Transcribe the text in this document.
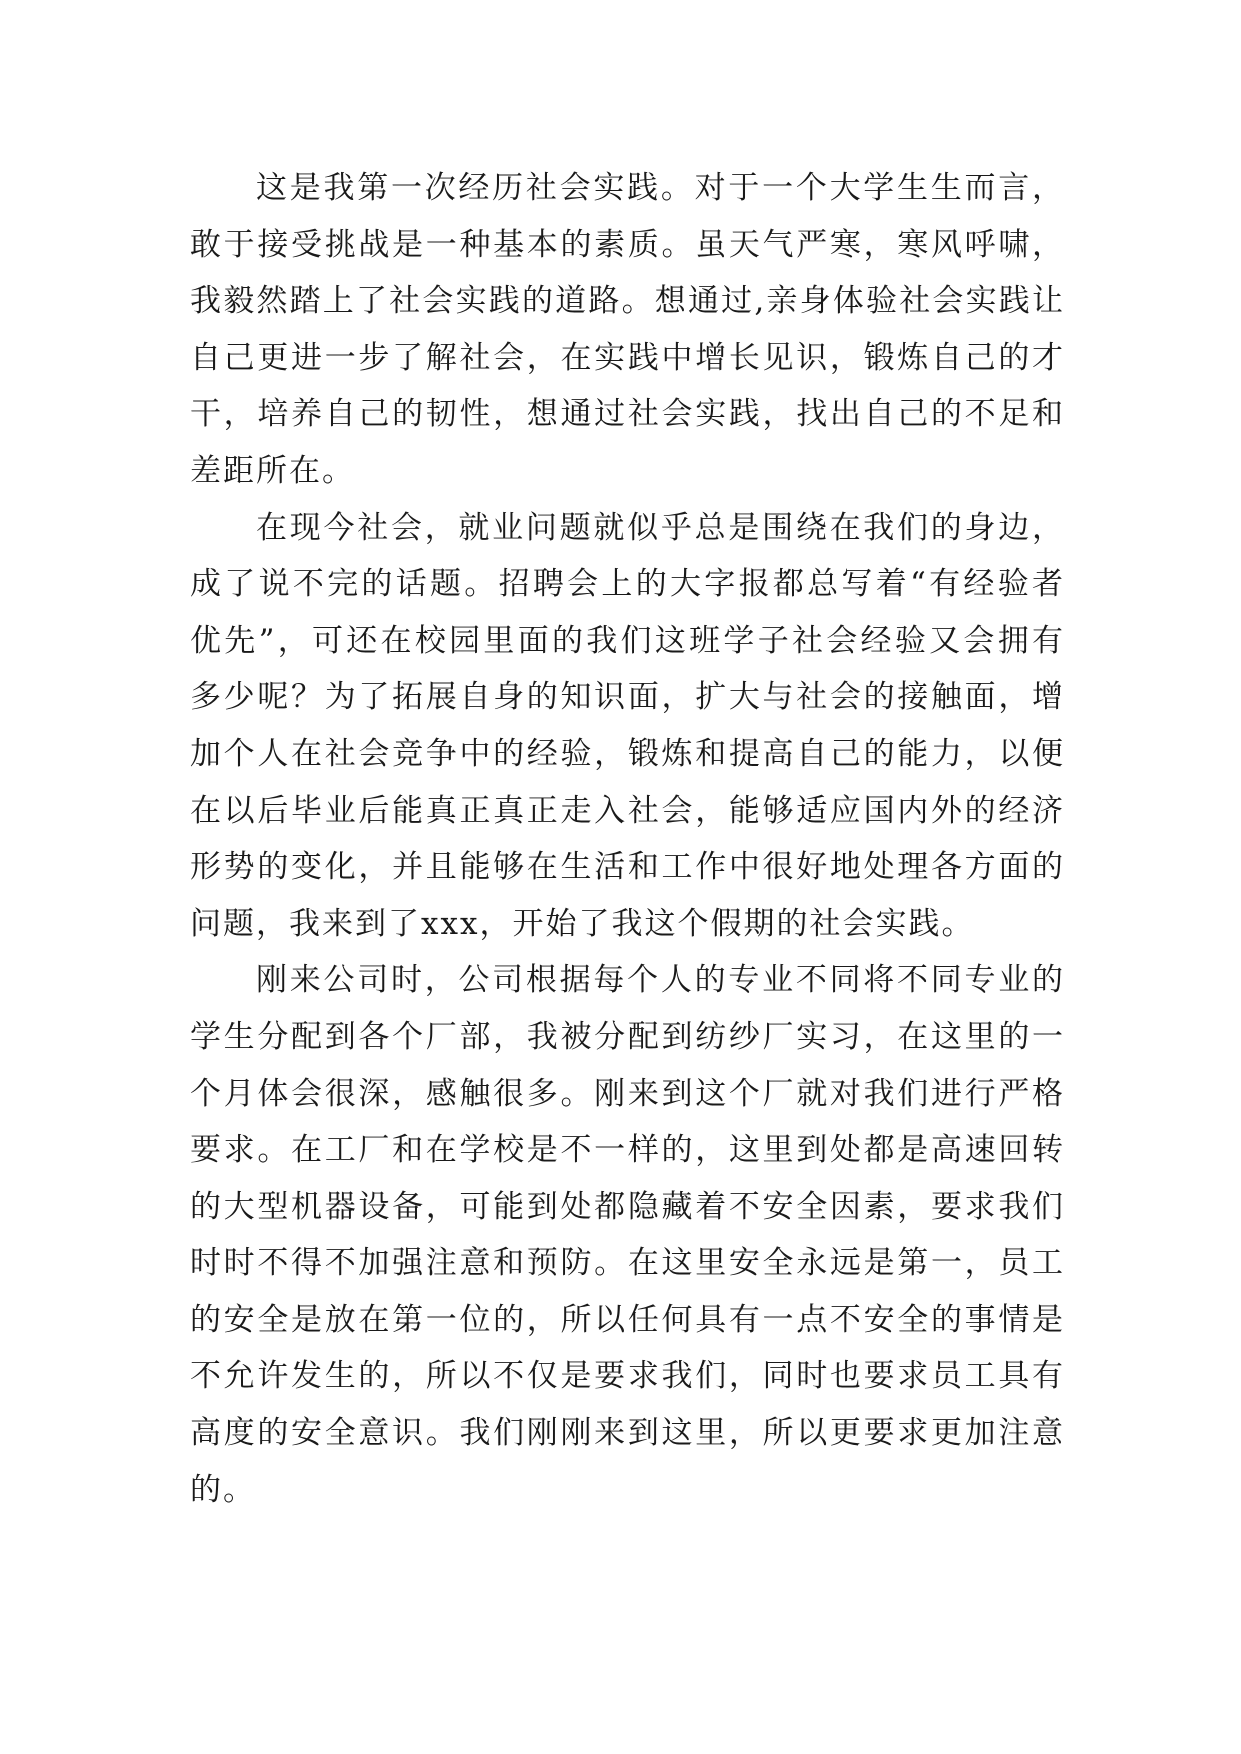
这是我第一次经历社会实践。对于一个大学生生而言，敢于接受挑战是一种基本的素质。虽天气严寒，寒风呼啸，我毅然踏上了社会实践的道路。想通过,亲身体验社会实践让自己更进一步了解社会，在实践中增长见识，锻炼自己的才干，培养自己的韧性，想通过社会实践，找出自己的不足和差距所在。

在现今社会，就业问题就似乎总是围绕在我们的身边，成了说不完的话题。招聘会上的大字报都总写着“有经验者优先”，可还在校园里面的我们这班学子社会经验又会拥有多少呢？为了拓展自身的知识面，扩大与社会的接触面，增加个人在社会竞争中的经验，锻炼和提高自己的能力，以便在以后毕业后能真正真正走入社会，能够适应国内外的经济形势的变化，并且能够在生活和工作中很好地处理各方面的问题，我来到了xxx，开始了我这个假期的社会实践。

刚来公司时，公司根据每个人的专业不同将不同专业的学生分配到各个厂部，我被分配到纺纱厂实习，在这里的一个月体会很深，感触很多。刚来到这个厂就对我们进行严格要求。在工厂和在学校是不一样的，这里到处都是高速回转的大型机器设备，可能到处都隐藏着不安全因素，要求我们时时不得不加强注意和预防。在这里安全永远是第一，员工的安全是放在第一位的，所以任何具有一点不安全的事情是不允许发生的，所以不仅是要求我们，同时也要求员工具有高度的安全意识。我们刚刚来到这里，所以更要求更加注意的。
